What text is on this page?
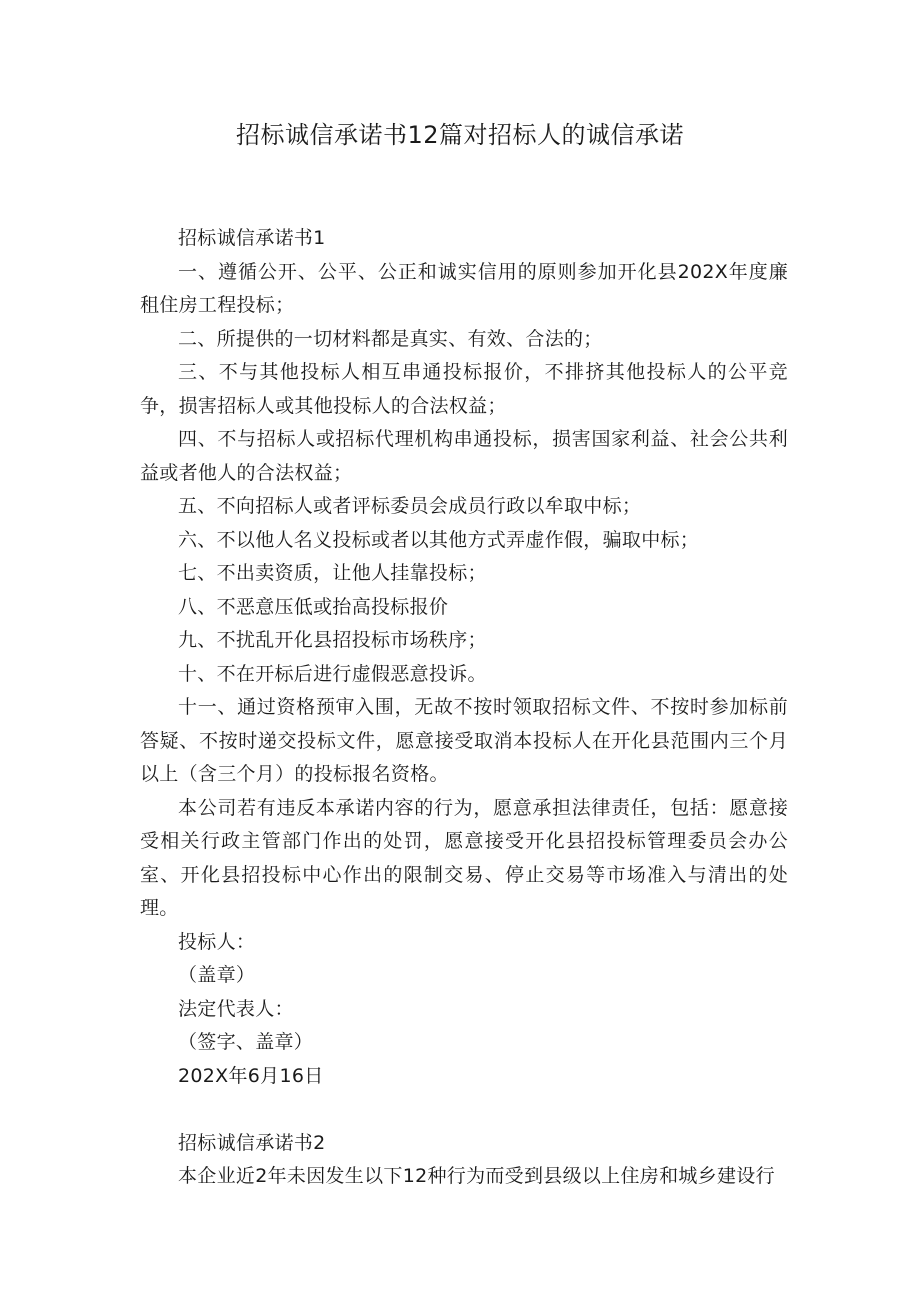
招标诚信承诺书12篇对招标人的诚信承诺

招标诚信承诺书1

一、遵循公开、公平、公正和诚实信用的原则参加开化县202X年度廉租住房工程投标；

二、所提供的一切材料都是真实、有效、合法的；

三、不与其他投标人相互串通投标报价，不排挤其他投标人的公平竞争，损害招标人或其他投标人的合法权益；

四、不与招标人或招标代理机构串通投标，损害国家利益、社会公共利益或者他人的合法权益；

五、不向招标人或者评标委员会成员行政以牟取中标；

六、不以他人名义投标或者以其他方式弄虚作假，骗取中标；

七、不出卖资质，让他人挂靠投标；

八、不恶意压低或抬高投标报价

九、不扰乱开化县招投标市场秩序；

十、不在开标后进行虚假恶意投诉。

十一、通过资格预审入围，无故不按时领取招标文件、不按时参加标前答疑、不按时递交投标文件，愿意接受取消本投标人在开化县范围内三个月以上（含三个月）的投标报名资格。

本公司若有违反本承诺内容的行为，愿意承担法律责任，包括：愿意接受相关行政主管部门作出的处罚，愿意接受开化县招投标管理委员会办公室、开化县招投标中心作出的限制交易、停止交易等市场准入与清出的处理。

投标人：

（盖章）

法定代表人：

（签字、盖章）

202X年6月16日

招标诚信承诺书2

本企业近2年未因发生以下12种行为而受到县级以上住房和城乡建设行
